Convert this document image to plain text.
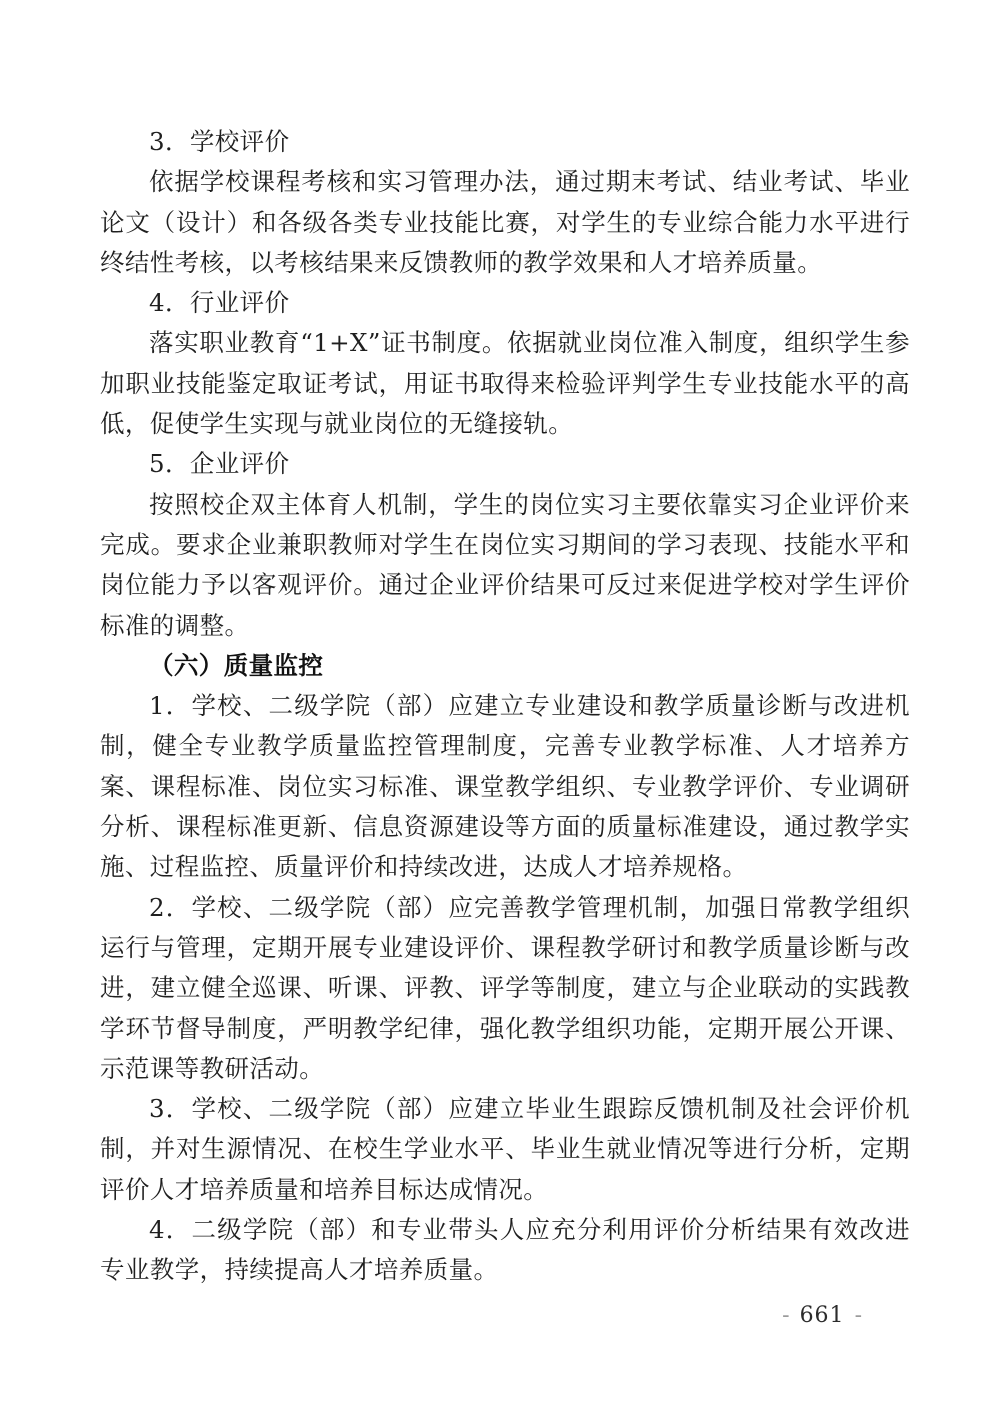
3．学校评价

依据学校课程考核和实习管理办法，通过期末考试、结业考试、毕业论文（设计）和各级各类专业技能比赛，对学生的专业综合能力水平进行终结性考核，以考核结果来反馈教师的教学效果和人才培养质量。

4．行业评价

落实职业教育“1+X”证书制度。依据就业岗位准入制度，组织学生参加职业技能鉴定取证考试，用证书取得来检验评判学生专业技能水平的高低，促使学生实现与就业岗位的无缝接轨。

5．企业评价

按照校企双主体育人机制，学生的岗位实习主要依靠实习企业评价来完成。要求企业兼职教师对学生在岗位实习期间的学习表现、技能水平和岗位能力予以客观评价。通过企业评价结果可反过来促进学校对学生评价标准的调整。

（六）质量监控

1．学校、二级学院（部）应建立专业建设和教学质量诊断与改进机制，健全专业教学质量监控管理制度，完善专业教学标准、人才培养方案、课程标准、岗位实习标准、课堂教学组织、专业教学评价、专业调研分析、课程标准更新、信息资源建设等方面的质量标准建设，通过教学实施、过程监控、质量评价和持续改进，达成人才培养规格。

2．学校、二级学院（部）应完善教学管理机制，加强日常教学组织运行与管理，定期开展专业建设评价、课程教学研讨和教学质量诊断与改进，建立健全巡课、听课、评教、评学等制度，建立与企业联动的实践教学环节督导制度，严明教学纪律，强化教学组织功能，定期开展公开课、示范课等教研活动。

3．学校、二级学院（部）应建立毕业生跟踪反馈机制及社会评价机制，并对生源情况、在校生学业水平、毕业生就业情况等进行分析，定期评价人才培养质量和培养目标达成情况。

4．二级学院（部）和专业带头人应充分利用评价分析结果有效改进专业教学，持续提高人才培养质量。

- 661 -
